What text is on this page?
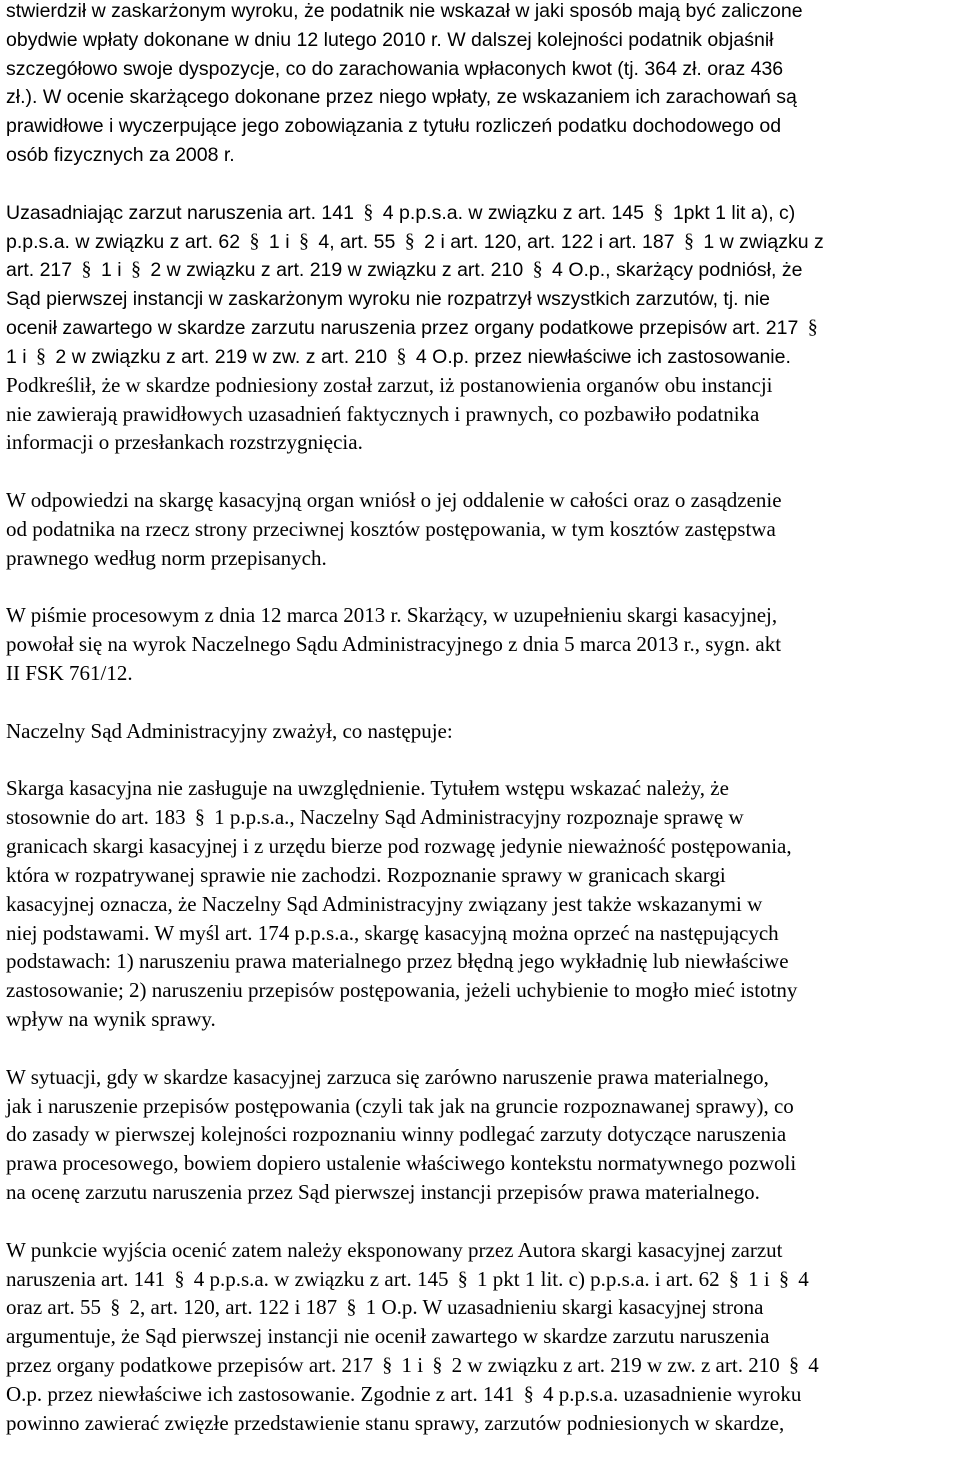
stwierdził w zaskarżonym wyroku, że podatnik nie wskazał w jaki sposób mają być zaliczone
obydwie wpłaty dokonane w dniu 12 lutego 2010 r. W dalszej kolejności podatnik objaśnił
szczegółowo swoje dyspozycje, co do zarachowania wpłaconych kwot (tj. 364 zł. oraz 436
zł.). W ocenie skarżącego dokonane przez niego wpłaty, ze wskazaniem ich zarachowań są
prawidłowe i wyczerpujące jego zobowiązania z tytułu rozliczeń podatku dochodowego od
osób fizycznych za 2008 r.
Uzasadniając zarzut naruszenia art. 141 § 4 p.p.s.a. w związku z art. 145 § 1pkt 1 lit a), c)
p.p.s.a. w związku z art. 62 § 1 i § 4, art. 55 § 2 i art. 120, art. 122 i art. 187 § 1 w związku z
art. 217 § 1 i § 2 w związku z art. 219 w związku z art. 210 § 4 O.p., skarżący podniósł, że
Sąd pierwszej instancji w zaskarżonym wyroku nie rozpatrzył wszystkich zarzutów, tj. nie
ocenił zawartego w skardze zarzutu naruszenia przez organy podatkowe przepisów art. 217 §
1 i § 2 w związku z art. 219 w zw. z art. 210 § 4 O.p. przez niewłaściwe ich zastosowanie.
Podkreślił, że w skardze podniesiony został zarzut, iż postanowienia organów obu instancji
nie zawierają prawidłowych uzasadnień faktycznych i prawnych, co pozbawiło podatnika
informacji o przesłankach rozstrzygnięcia.
W odpowiedzi na skargę kasacyjną organ wniósł o jej oddalenie w całości oraz o zasądzenie
od podatnika na rzecz strony przeciwnej kosztów postępowania, w tym kosztów zastępstwa
prawnego według norm przepisanych.
W piśmie procesowym z dnia 12 marca 2013 r. Skarżący, w uzupełnieniu skargi kasacyjnej,
powołał się na wyrok Naczelnego Sądu Administracyjnego z dnia 5 marca 2013 r., sygn. akt
II FSK 761/12.
Naczelny Sąd Administracyjny zważył, co następuje:
Skarga kasacyjna nie zasługuje na uwzględnienie. Tytułem wstępu wskazać należy, że
stosownie do art. 183 § 1 p.p.s.a., Naczelny Sąd Administracyjny rozpoznaje sprawę w
granicach skargi kasacyjnej i z urzędu bierze pod rozwagę jedynie nieważność postępowania,
która w rozpatrywanej sprawie nie zachodzi. Rozpoznanie sprawy w granicach skargi
kasacyjnej oznacza, że Naczelny Sąd Administracyjny związany jest także wskazanymi w
niej podstawami. W myśl art. 174 p.p.s.a., skargę kasacyjną można oprzeć na następujących
podstawach: 1) naruszeniu prawa materialnego przez błędną jego wykładnię lub niewłaściwe
zastosowanie; 2) naruszeniu przepisów postępowania, jeżeli uchybienie to mogło mieć istotny
wpływ na wynik sprawy.
W sytuacji, gdy w skardze kasacyjnej zarzuca się zarówno naruszenie prawa materialnego,
jak i naruszenie przepisów postępowania (czyli tak jak na gruncie rozpoznawanej sprawy), co
do zasady w pierwszej kolejności rozpoznaniu winny podlegać zarzuty dotyczące naruszenia
prawa procesowego, bowiem dopiero ustalenie właściwego kontekstu normatywnego pozwoli
na ocenę zarzutu naruszenia przez Sąd pierwszej instancji przepisów prawa materialnego.
W punkcie wyjścia ocenić zatem należy eksponowany przez Autora skargi kasacyjnej zarzut
naruszenia art. 141 § 4 p.p.s.a. w związku z art. 145 § 1 pkt 1 lit. c) p.p.s.a. i art. 62 § 1 i § 4
oraz art. 55 § 2, art. 120, art. 122 i 187 § 1 O.p. W uzasadnieniu skargi kasacyjnej strona
argumentuje, że Sąd pierwszej instancji nie ocenił zawartego w skardze zarzutu naruszenia
przez organy podatkowe przepisów art. 217 § 1 i § 2 w związku z art. 219 w zw. z art. 210 § 4
O.p. przez niewłaściwe ich zastosowanie. Zgodnie z art. 141 § 4 p.p.s.a. uzasadnienie wyroku
powinno zawierać zwięzłe przedstawienie stanu sprawy, zarzutów podniesionych w skardze,
